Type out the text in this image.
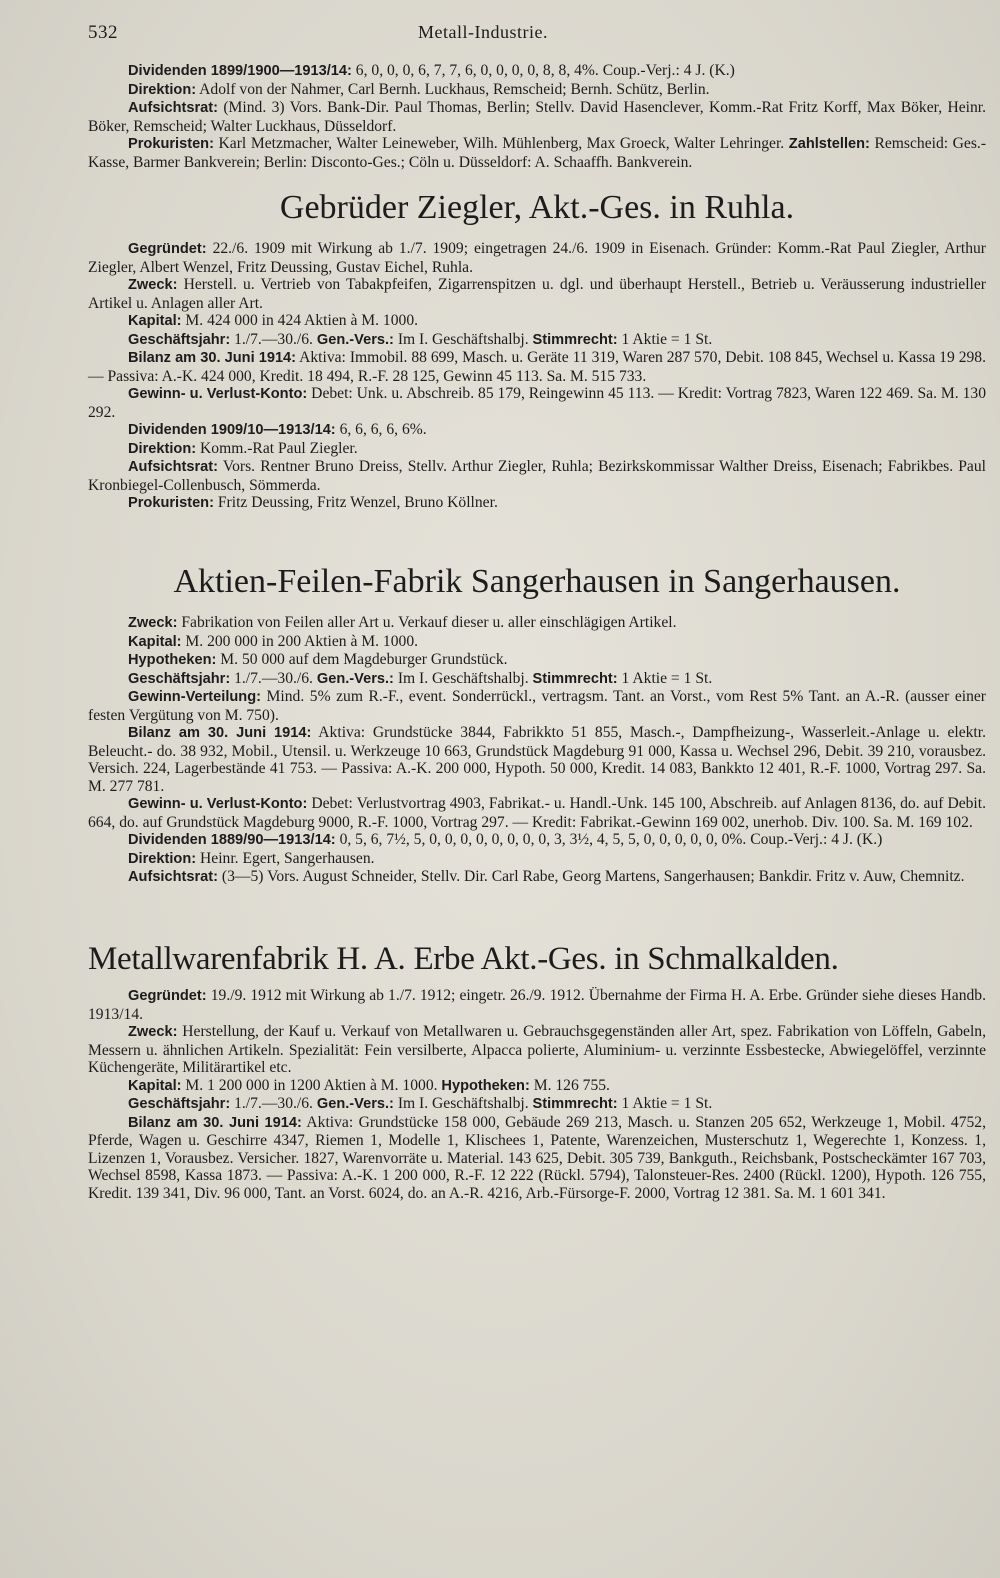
532	Metall-Industrie.

Dividenden 1899/1900—1913/14: 6, 0, 0, 0, 6, 7, 7, 6, 0, 0, 0, 0, 8, 8, 4%. Coup.-Verj.: 4 J. (K.)

Direktion: Adolf von der Nahmer, Carl Bernh. Luckhaus, Remscheid; Bernh. Schütz, Berlin.

Aufsichtsrat: (Mind. 3) Vors. Bank-Dir. Paul Thomas, Berlin; Stellv. David Hasenclever, Komm.-Rat Fritz Korff, Max Böker, Heinr. Böker, Remscheid; Walter Luckhaus, Düsseldorf.

Prokuristen: Karl Metzmacher, Walter Leineweber, Wilh. Mühlenberg, Max Groeck, Walter Lehringer. Zahlstellen: Remscheid: Ges.-Kasse, Barmer Bankverein; Berlin: Disconto-Ges.; Cöln u. Düsseldorf: A. Schaaffh. Bankverein.

Gebrüder Ziegler, Akt.-Ges. in Ruhla.

Gegründet: 22./6. 1909 mit Wirkung ab 1./7. 1909; eingetragen 24./6. 1909 in Eisenach. Gründer: Komm.-Rat Paul Ziegler, Arthur Ziegler, Albert Wenzel, Fritz Deussing, Gustav Eichel, Ruhla.

Zweck: Herstell. u. Vertrieb von Tabakpfeifen, Zigarrenspitzen u. dgl. und überhaupt Herstell., Betrieb u. Veräusserung industrieller Artikel u. Anlagen aller Art.

Kapital: M. 424 000 in 424 Aktien à M. 1000.

Geschäftsjahr: 1./7.—30./6. Gen.-Vers.: Im I. Geschäftshalbj. Stimmrecht: 1 Aktie = 1 St.

Bilanz am 30. Juni 1914: Aktiva: Immobil. 88 699, Masch. u. Geräte 11 319, Waren 287 570, Debit. 108 845, Wechsel u. Kassa 19 298. — Passiva: A.-K. 424 000, Kredit. 18 494, R.-F. 28 125, Gewinn 45 113. Sa. M. 515 733.

Gewinn- u. Verlust-Konto: Debet: Unk. u. Abschreib. 85 179, Reingewinn 45 113. — Kredit: Vortrag 7823, Waren 122 469. Sa. M. 130 292.

Dividenden 1909/10—1913/14: 6, 6, 6, 6, 6%.

Direktion: Komm.-Rat Paul Ziegler.

Aufsichtsrat: Vors. Rentner Bruno Dreiss, Stellv. Arthur Ziegler, Ruhla; Bezirkskommissar Walther Dreiss, Eisenach; Fabrikbes. Paul Kronbiegel-Collenbusch, Sömmerda.

Prokuristen: Fritz Deussing, Fritz Wenzel, Bruno Köllner.

Aktien-Feilen-Fabrik Sangerhausen in Sangerhausen.

Zweck: Fabrikation von Feilen aller Art u. Verkauf dieser u. aller einschlägigen Artikel.

Kapital: M. 200 000 in 200 Aktien à M. 1000.

Hypotheken: M. 50 000 auf dem Magdeburger Grundstück.

Geschäftsjahr: 1./7.—30./6. Gen.-Vers.: Im I. Geschäftshalbj. Stimmrecht: 1 Aktie = 1 St.

Gewinn-Verteilung: Mind. 5% zum R.-F., event. Sonderrückl., vertragsm. Tant. an Vorst., vom Rest 5% Tant. an A.-R. (ausser einer festen Vergütung von M. 750).

Bilanz am 30. Juni 1914: Aktiva: Grundstücke 3844, Fabrikkto 51 855, Masch.-, Dampfheizung-, Wasserleit.-Anlage u. elektr. Beleucht.- do. 38 932, Mobil., Utensil. u. Werkzeuge 10 663, Grundstück Magdeburg 91 000, Kassa u. Wechsel 296, Debit. 39 210, vorausbez. Versich. 224, Lagerbestände 41 753. — Passiva: A.-K. 200 000, Hypoth. 50 000, Kredit. 14 083, Bankkto 12 401, R.-F. 1000, Vortrag 297. Sa. M. 277 781.

Gewinn- u. Verlust-Konto: Debet: Verlustvortrag 4903, Fabrikat.- u. Handl.-Unk. 145 100, Abschreib. auf Anlagen 8136, do. auf Debit. 664, do. auf Grundstück Magdeburg 9000, R.-F. 1000, Vortrag 297. — Kredit: Fabrikat.-Gewinn 169 002, unerhob. Div. 100. Sa. M. 169 102.

Dividenden 1889/90—1913/14: 0, 5, 6, 7½, 5, 0, 0, 0, 0, 0, 0, 0, 0, 3, 3½, 4, 5, 5, 0, 0, 0, 0, 0, 0%. Coup.-Verj.: 4 J. (K.)

Direktion: Heinr. Egert, Sangerhausen.

Aufsichtsrat: (3—5) Vors. August Schneider, Stellv. Dir. Carl Rabe, Georg Martens, Sangerhausen; Bankdir. Fritz v. Auw, Chemnitz.

Metallwarenfabrik H. A. Erbe Akt.-Ges. in Schmalkalden.

Gegründet: 19./9. 1912 mit Wirkung ab 1./7. 1912; eingetr. 26./9. 1912. Übernahme der Firma H. A. Erbe. Gründer siehe dieses Handb. 1913/14.

Zweck: Herstellung, der Kauf u. Verkauf von Metallwaren u. Gebrauchsgegenständen aller Art, spez. Fabrikation von Löffeln, Gabeln, Messern u. ähnlichen Artikeln. Spezialität: Fein versilberte, Alpacca polierte, Aluminium- u. verzinnte Essbestecke, Abwiegelöffel, verzinnte Küchengeräte, Militärartikel etc.

Kapital: M. 1 200 000 in 1200 Aktien à M. 1000. Hypotheken: M. 126 755.

Geschäftsjahr: 1./7.—30./6. Gen.-Vers.: Im I. Geschäftshalbj. Stimmrecht: 1 Aktie = 1 St.

Bilanz am 30. Juni 1914: Aktiva: Grundstücke 158 000, Gebäude 269 213, Masch. u. Stanzen 205 652, Werkzeuge 1, Mobil. 4752, Pferde, Wagen u. Geschirre 4347, Riemen 1, Modelle 1, Klischees 1, Patente, Warenzeichen, Musterschutz 1, Wegerechte 1, Konzess. 1, Lizenzen 1, Vorausbez. Versicher. 1827, Warenvorräte u. Material. 143 625, Debit. 305 739, Bankguth., Reichsbank, Postscheckämter 167 703, Wechsel 8598, Kassa 1873. — Passiva: A.-K. 1 200 000, R.-F. 12 222 (Rückl. 5794), Talonsteuer-Res. 2400 (Rückl. 1200), Hypoth. 126 755, Kredit. 139 341, Div. 96 000, Tant. an Vorst. 6024, do. an A.-R. 4216, Arb.-Fürsorge-F. 2000, Vortrag 12 381. Sa. M. 1 601 341.
